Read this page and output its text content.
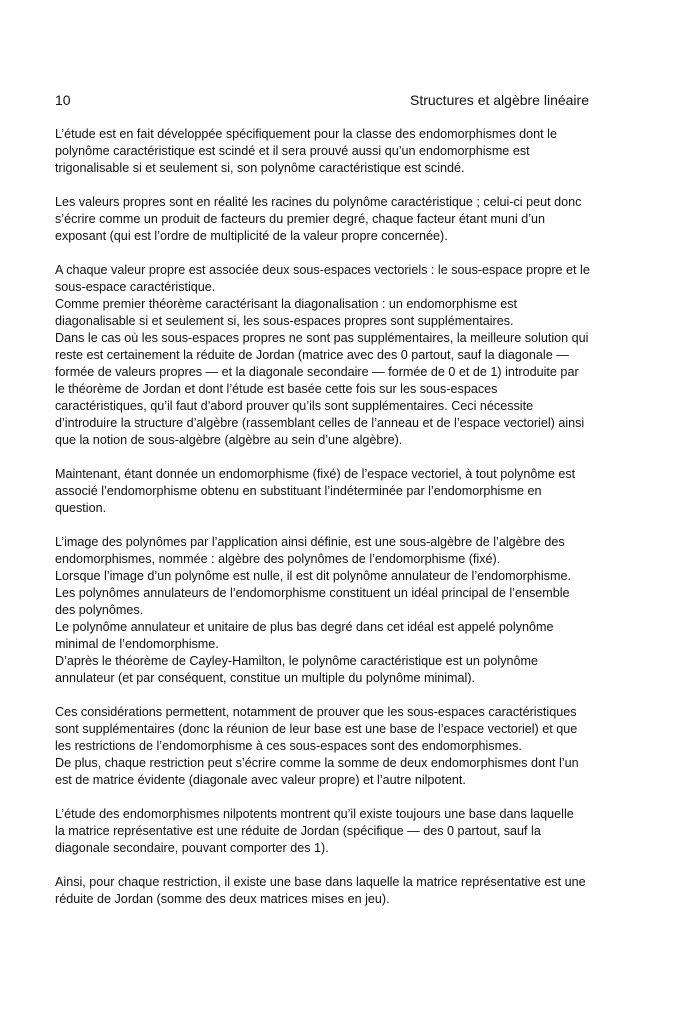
10	Structures et algèbre linéaire

L’étude est en fait développée spécifiquement pour la classe des endomorphismes dont le
polynôme caractéristique est scindé et il sera prouvé aussi qu’un endomorphisme est
trigonalisable si et seulement si, son polynôme caractéristique est scindé.

Les valeurs propres sont en réalité les racines du polynôme caractéristique ; celui-ci peut donc
s’écrire comme un produit de facteurs du premier degré, chaque facteur étant muni d’un
exposant (qui est l’ordre de multiplicité de la valeur propre concernée).

A chaque valeur propre est associée deux sous-espaces vectoriels : le sous-espace propre et le
sous-espace caractéristique.
Comme premier théorème caractérisant la diagonalisation : un endomorphisme est
diagonalisable si et seulement si, les sous-espaces propres sont supplémentaires.
Dans le cas où les sous-espaces propres ne sont pas supplémentaires, la meilleure solution qui
reste est certainement la réduite de Jordan (matrice avec des 0 partout, sauf la diagonale —
formée de valeurs propres — et la diagonale secondaire — formée de 0 et de 1) introduite par
le théorème de Jordan et dont l’étude est basée cette fois sur les sous-espaces
caractéristiques, qu’il faut d’abord prouver qu’ils sont supplémentaires. Ceci nécessite
d’introduire la structure d’algèbre (rassemblant celles de l’anneau et de l’espace vectoriel) ainsi
que la notion de sous-algèbre (algèbre au sein d’une algèbre).

Maintenant, étant donnée un endomorphisme (fixé) de l’espace vectoriel, à tout polynôme est
associé l’endomorphisme obtenu en substituant l’indéterminée par l’endomorphisme en
question.

L’image des polynômes par l’application ainsi définie, est une sous-algèbre de l’algèbre des
endomorphismes, nommée : algèbre des polynômes de l’endomorphisme (fixé).
Lorsque l’image d’un polynôme est nulle, il est dit polynôme annulateur de l’endomorphisme.
Les polynômes annulateurs de l’endomorphisme constituent un idéal principal de l’ensemble
des polynômes.
Le polynôme annulateur et unitaire de plus bas degré dans cet idéal est appelé polynôme
minimal de l’endomorphisme.
D’après le théorème de Cayley-Hamilton, le polynôme caractéristique est un polynôme
annulateur (et par conséquent, constitue un multiple du polynôme minimal).

Ces considérations permettent, notamment de prouver que les sous-espaces caractéristiques
sont supplémentaires (donc la réunion de leur base est une base de l’espace vectoriel) et que
les restrictions de l’endomorphisme à ces sous-espaces sont des endomorphismes.
De plus, chaque restriction peut s’écrire comme la somme de deux endomorphismes dont l’un
est de matrice évidente (diagonale avec valeur propre) et l’autre nilpotent.

L’étude des endomorphismes nilpotents montrent qu’il existe toujours une base dans laquelle
la matrice représentative est une réduite de Jordan (spécifique — des 0 partout, sauf la
diagonale secondaire, pouvant comporter des 1).

Ainsi, pour chaque restriction, il existe une base dans laquelle la matrice représentative est une
réduite de Jordan (somme des deux matrices mises en jeu).
